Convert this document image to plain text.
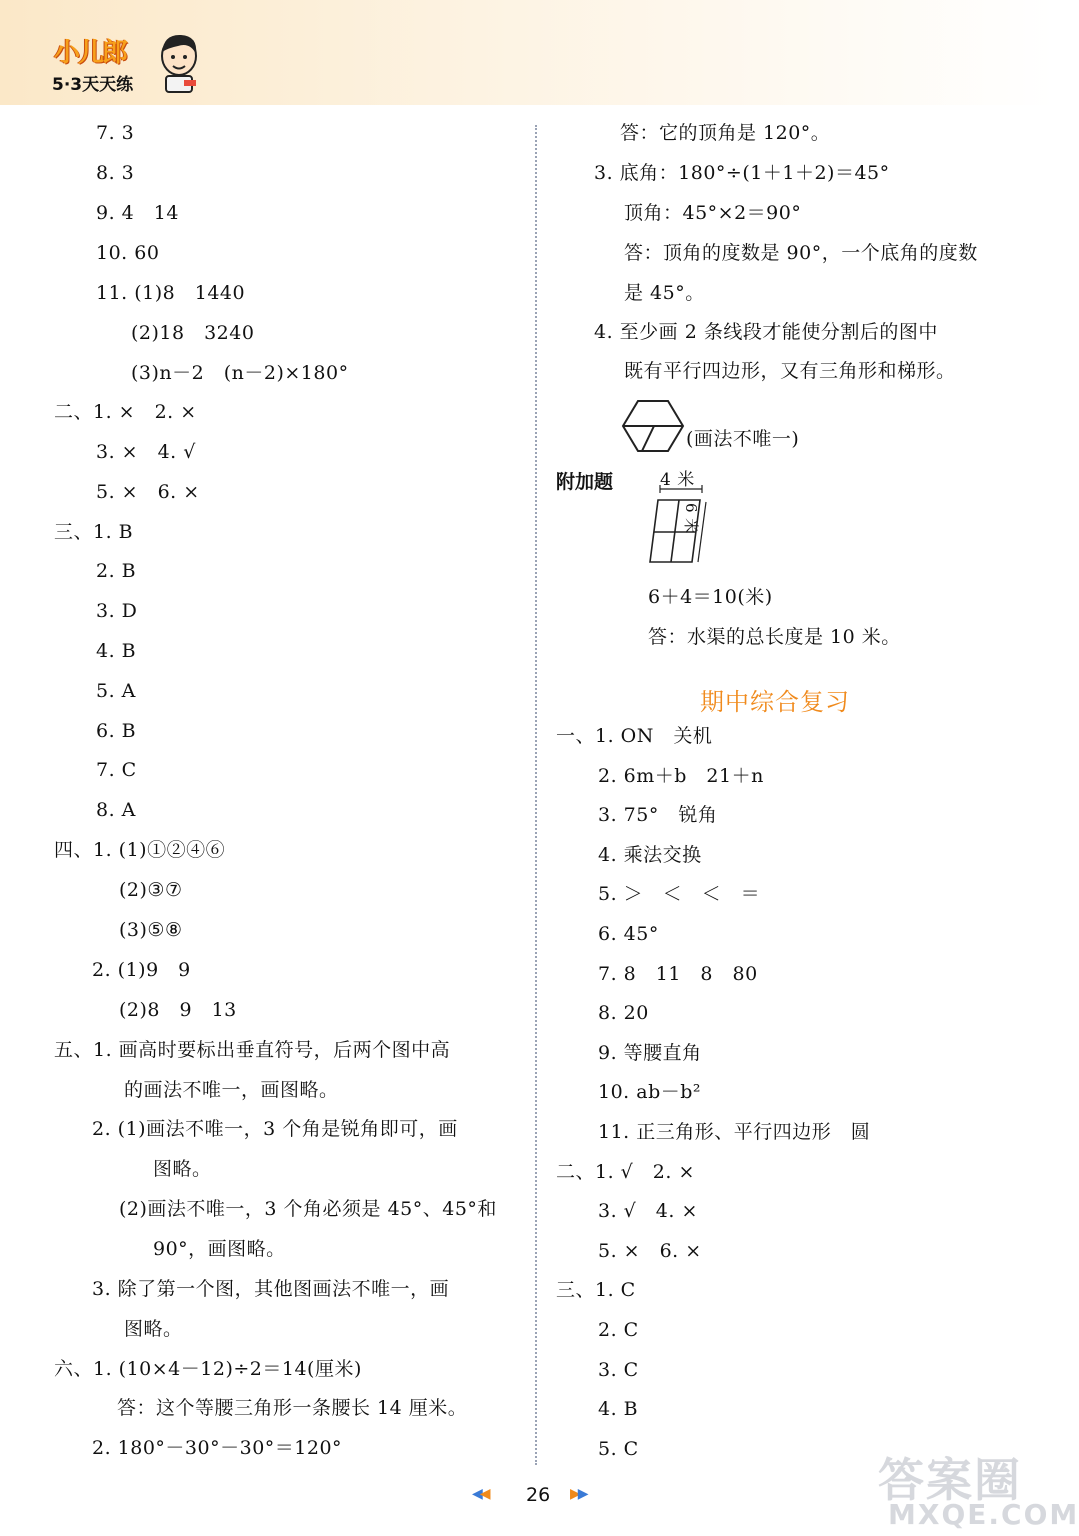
小儿郎
5·3天天练
7. 3
8. 3
9. 4　14
10. 60
11. (1)8　1440
(2)18　3240
(3)n－2　(n－2)×180°
二、1. ×　2. ×
3. ×　4. √
5. ×　6. ×
三、1. B
2. B
3. D
4. B
5. A
6. B
7. C
8. A
四、1. (1)①②④⑥
(2)③⑦
(3)⑤⑧
2. (1)9　9
(2)8　9　13
五、1. 画高时要标出垂直符号，后两个图中高
的画法不唯一，画图略。
2. (1)画法不唯一，3 个角是锐角即可，画
图略。
(2)画法不唯一，3 个角必须是 45°、45°和
90°，画图略。
3. 除了第一个图，其他图画法不唯一，画
图略。
六、1. (10×4－12)÷2＝14(厘米)
答：这个等腰三角形一条腰长 14 厘米。
2. 180°－30°－30°＝120°
答：它的顶角是 120°。
3. 底角：180°÷(1＋1＋2)＝45°
顶角：45°×2＝90°
答：顶角的度数是 90°，一个底角的度数
是 45°。
4. 至少画 2 条线段才能使分割后的图中
既有平行四边形，又有三角形和梯形。
(画法不唯一)
附加题	4 米
6 米
6＋4＝10(米)
答：水渠的总长度是 10 米。
期中综合复习
一、1. ON　关机
2. 6m＋b　21＋n
3. 75°　锐角
4. 乘法交换
5. ＞　＜　＜　＝
6. 45°
7. 8　11　8　80
8. 20
9. 等腰直角
10. ab－b²
11. 正三角形、平行四边形　圆
二、1. √　2. ×
3. √　4. ×
5. ×　6. ×
三、1. C
2. C
3. C
4. B
5. C
◀◀ 26 ▶▶	答案圈
MXQE.COM
